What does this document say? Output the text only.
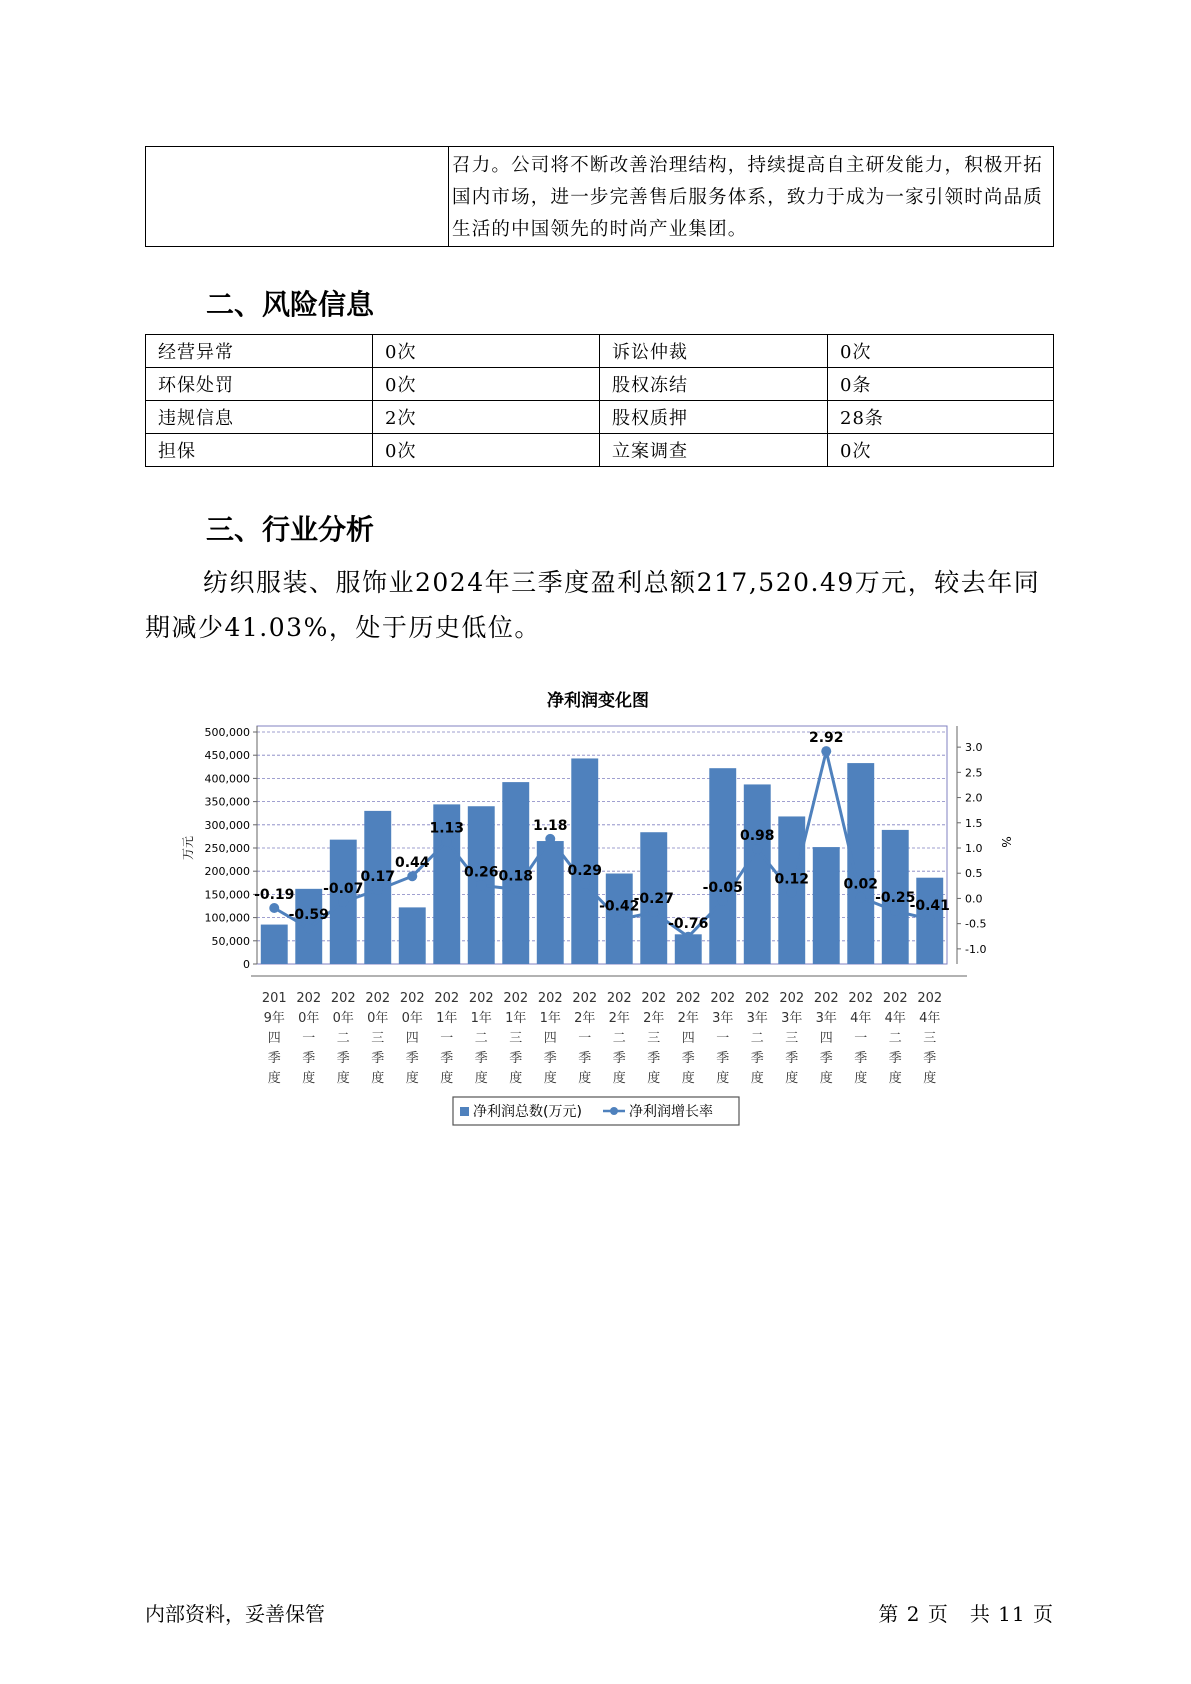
	召力。公司将不断改善治理结构，持续提高自主研发能力，积极开拓国内市场，进一步完善售后服务体系，致力于成为一家引领时尚品质生活的中国领先的时尚产业集团。
二、风险信息
经营异常	0次	诉讼仲裁	0次
环保处罚	0次	股权冻结	0条
违规信息	2次	股权质押	28条
担保	0次	立案调查	0次
三、行业分析
纺织服装、服饰业2024年三季度盈利总额217,520.49万元，较去年同期减少41.03%，处于历史低位。
净利润变化图
0
50,000
100,000
150,000
200,000
250,000
300,000
350,000
400,000
450,000
500,000
万元
-1.0
-0.5
0.0
0.5
1.0
1.5
2.0
2.5
3.0
%
-0.19
-0.59
-0.07
0.17
0.44
1.13
0.26 0.18
1.18
0.29
-0.42
-0.27
-0.76
-0.05
0.98
0.12
2.92
0.02
-0.25
-0.41
201 9年四季度
202 0年一季度
202 0年二季度
202 0年三季度
202 0年四季度
202 1年一季度
202 1年二季度
202 1年三季度
202 1年四季度
202 2年一季度
202 2年二季度
202 2年三季度
202 2年四季度
202 3年一季度
202 3年二季度
202 3年三季度
202 3年四季度
202 4年一季度
202 4年二季度
202 4年三季度
净利润总数(万元)	净利润增长率
内部资料，妥善保管	第 2 页　共 11 页
